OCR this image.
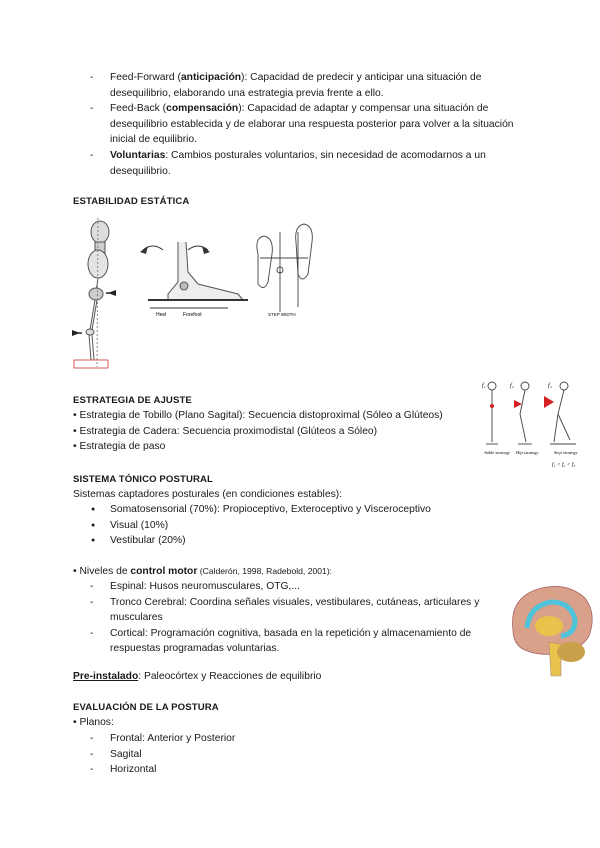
- Feed-Forward (anticipación): Capacidad de predecir y anticipar una situación de desequilibrio, elaborando una estrategia previa frente a ello.
- Feed-Back (compensación): Capacidad de adaptar y compensar una situación de desequilibrio establecida y de elaborar una respuesta posterior para volver a la situación inicial de equilibrio.
- Voluntarias: Cambios posturales voluntarios, sin necesidad de acomodarnos a un desequilibrio.
ESTABILIDAD ESTÁTICA
Heel	Forefoot	STEP WIDTH
ESTRATEGIA DE AJUSTE
• Estrategia de Tobillo (Plano Sagital): Secuencia distoproximal (Sóleo a Glúteos)
• Estrategia de Cadera: Secuencia proximodistal (Glúteos a Sóleo)
• Estrategia de paso
f₁	f₂	f₃
Ankle strategy Hip strategy	Step strategy
f₁ < f₂ < f₃
SISTEMA TÓNICO POSTURAL
Sistemas captadores posturales (en condiciones estables):
● Somatosensorial (70%): Propioceptivo, Exteroceptivo y Visceroceptivo
● Visual (10%)
● Vestibular (20%)
• Niveles de control motor (Calderón, 1998, Radebold, 2001):
- Espinal: Husos neuromusculares, OTG,...
- Tronco Cerebral: Coordina señales visuales, vestibulares, cutáneas, articulares y musculares
- Cortical: Programación cognitiva, basada en la repetición y almacenamiento de respuestas programadas voluntarias.
Pre-instalado: Paleocórtex y Reacciones de equilibrio
EVALUACIÓN DE LA POSTURA
• Planos:
- Frontal: Anterior y Posterior
- Sagital
- Horizontal
